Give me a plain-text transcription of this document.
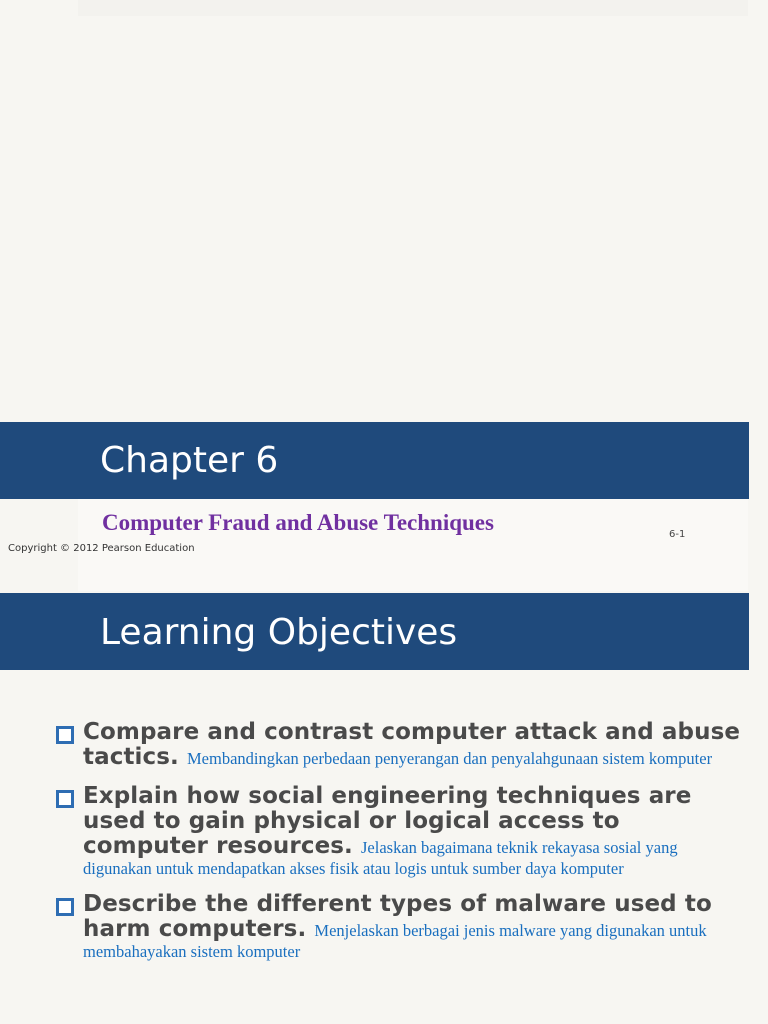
Chapter 6
Computer Fraud and Abuse Techniques	6-1
Copyright © 2012 Pearson Education
Learning Objectives
Compare and contrast computer attack and abuse tactics. Membandingkan perbedaan penyerangan dan penyalahgunaan sistem komputer
Explain how social engineering techniques are used to gain physical or logical access to computer resources. Jelaskan bagaimana teknik rekayasa sosial yang digunakan untuk mendapatkan akses fisik atau logis untuk sumber daya komputer
Describe the different types of malware used to harm computers. Menjelaskan berbagai jenis malware yang digunakan untuk membahayakan sistem komputer
